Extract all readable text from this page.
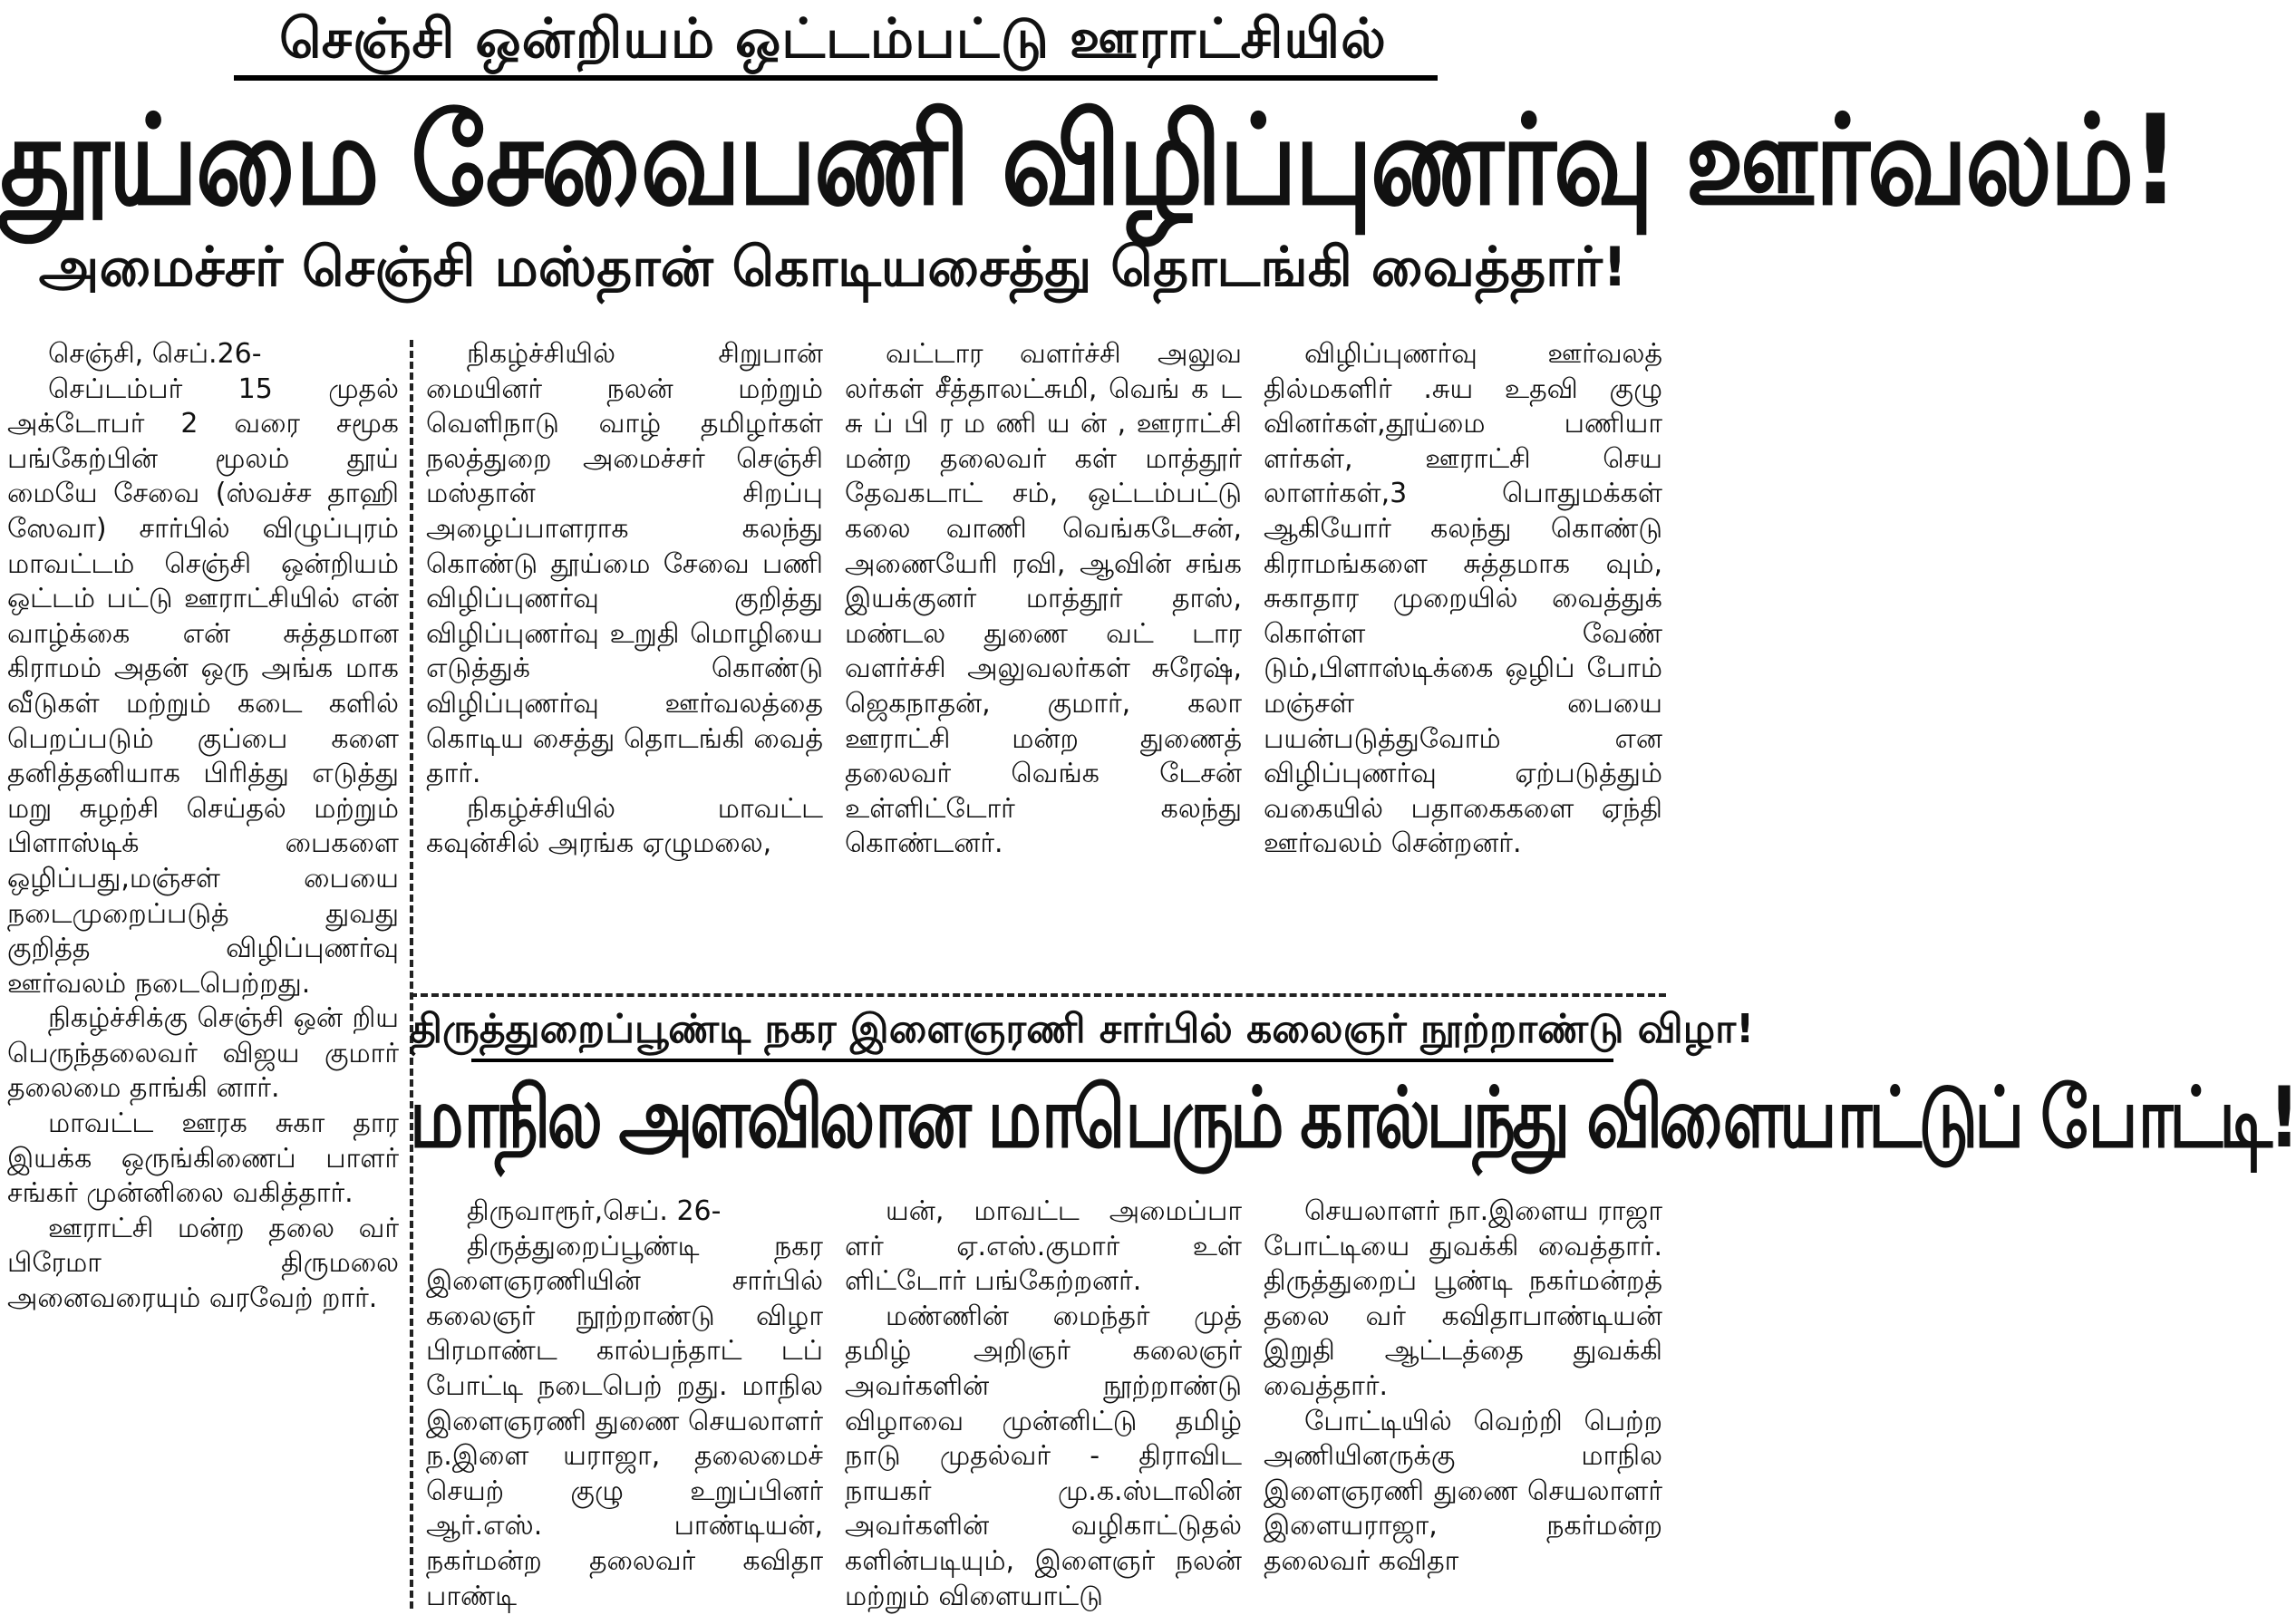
செஞ்சி ஒன்றியம் ஒட்டம்பட்டு ஊராட்சியில்
தூய்மை சேவைபணி விழிப்புணர்வு ஊர்வலம்!
அமைச்சர் செஞ்சி மஸ்தான் கொடியசைத்து தொடங்கி வைத்தார்!

செஞ்சி, செப்.26-

செப்டம்பர் 15 முதல் அக்டோபர் 2 வரை சமூக பங்கேற்பின் மூலம் தூய் மையே சேவை (ஸ்வச்ச தாஹி ஸேவா) சார்பில் விழுப்புரம் மாவட்டம் செஞ்சி ஒன்றியம் ஒட்டம் பட்டு ஊராட்சியில் என் வாழ்க்கை என் சுத்தமான கிராமம் அதன் ஒரு அங்க மாக வீடுகள் மற்றும் கடை களில் பெறப்படும் குப்பை களை தனித்தனியாக பிரித்து எடுத்து மறு சுழற்சி செய்தல் மற்றும் பிளாஸ்டிக் பைகளை ஒழிப்பது,மஞ்சள் பையை நடைமுறைப்படுத் துவது குறித்த விழிப்புணர்வு ஊர்வலம் நடைபெற்றது.

நிகழ்ச்சிக்கு செஞ்சி ஒன் றிய பெருந்தலைவர் விஜய குமார் தலைமை தாங்கி னார்.

மாவட்ட ஊரக சுகா தார இயக்க ஒருங்கிணைப் பாளர் சங்கர் முன்னிலை வகித்தார்.

ஊராட்சி மன்ற தலை வர் பிரேமா திருமலை அனைவரையும் வரவேற் றார்.

நிகழ்ச்சியில் சிறுபான் மையினர் நலன் மற்றும் வெளிநாடு வாழ் தமிழர்கள் நலத்துறை அமைச்சர் செஞ்சி மஸ்தான் சிறப்பு அழைப்பாளராக கலந்து கொண்டு தூய்மை சேவை பணி விழிப்புணர்வு குறித்து விழிப்புணர்வு உறுதி மொழியை எடுத்துக் கொண்டு விழிப்புணர்வு ஊர்வலத்தை கொடிய சைத்து தொடங்கி வைத் தார்.

நிகழ்ச்சியில் மாவட்ட கவுன்சில் அரங்க ஏழுமலை,

வட்டார வளர்ச்சி அலுவ லர்கள் சீத்தாலட்சுமி, வெங் க ட சு ப் பி ர ம ணி ய ன் , ஊராட்சி மன்ற தலைவர் கள் மாத்தூர் தேவகடாட் சம், ஒட்டம்பட்டு கலை வாணி வெங்கடேசன், அணையேரி ரவி, ஆவின் சங்க இயக்குனர் மாத்தூர் தாஸ், மண்டல துணை வட் டார வளர்ச்சி அலுவலர்கள் சுரேஷ், ஜெகநாதன், குமார், கலா ஊராட்சி மன்ற துணைத் தலைவர் வெங்க டேசன் உள்ளிட்டோர் கலந்து கொண்டனர்.

விழிப்புணர்வு ஊர்வலத் தில்மகளிர் .சுய உதவி குழு வினர்கள்,தூய்மை பணியா ளர்கள், ஊராட்சி செய லாளர்கள்,3 பொதுமக்கள் ஆகியோர் கலந்து கொண்டு கிராமங்களை சுத்தமாக வும், சுகாதார முறையில் வைத்துக் கொள்ள வேண் டும்,பிளாஸ்டிக்கை ஒழிப் போம் மஞ்சள் பையை பயன்படுத்துவோம் என விழிப்புணர்வு ஏற்படுத்தும் வகையில் பதாகைகளை ஏந்தி ஊர்வலம் சென்றனர்.

திருத்துறைப்பூண்டி நகர இளைஞரணி சார்பில் கலைஞர் நூற்றாண்டு விழா!
மாநில அளவிலான மாபெரும் கால்பந்து விளையாட்டுப் போட்டி!

திருவாரூர்,செப். 26-

திருத்துறைப்பூண்டி நகர இளைஞரணியின் சார்பில் கலைஞர் நூற்றாண்டு விழா பிரமாண்ட கால்பந்தாட் டப் போட்டி நடைபெற் றது. மாநில இளைஞரணி துணை செயலாளர் ந.இளை யராஜா, தலைமைச் செயற் குழு உறுப்பினர் ஆர்.எஸ். பாண்டியன், நகர்மன்ற தலைவர் கவிதா பாண்டி

யன், மாவட்ட அமைப்பா ளர் ஏ.எஸ்.குமார் உள் ளிட்டோர் பங்கேற்றனர்.

மண்ணின் மைந்தர் முத் தமிழ் அறிஞர் கலைஞர் அவர்களின் நூற்றாண்டு விழாவை முன்னிட்டு தமிழ் நாடு முதல்வர் - திராவிட நாயகர் மு.க.ஸ்டாலின் அவர்களின் வழிகாட்டுதல் களின்படியும், இளைஞர் நலன் மற்றும் விளையாட்டு

செயலாளர் நா.இளைய ராஜா போட்டியை துவக்கி வைத்தார். திருத்துறைப் பூண்டி நகர்மன்றத் தலை வர் கவிதாபாண்டியன் இறுதி ஆட்டத்தை துவக்கி வைத்தார்.

போட்டியில் வெற்றி பெற்ற அணியினருக்கு மாநில இளைஞரணி துணை செயலாளர் இளையராஜா, நகர்மன்ற தலைவர் கவிதா
